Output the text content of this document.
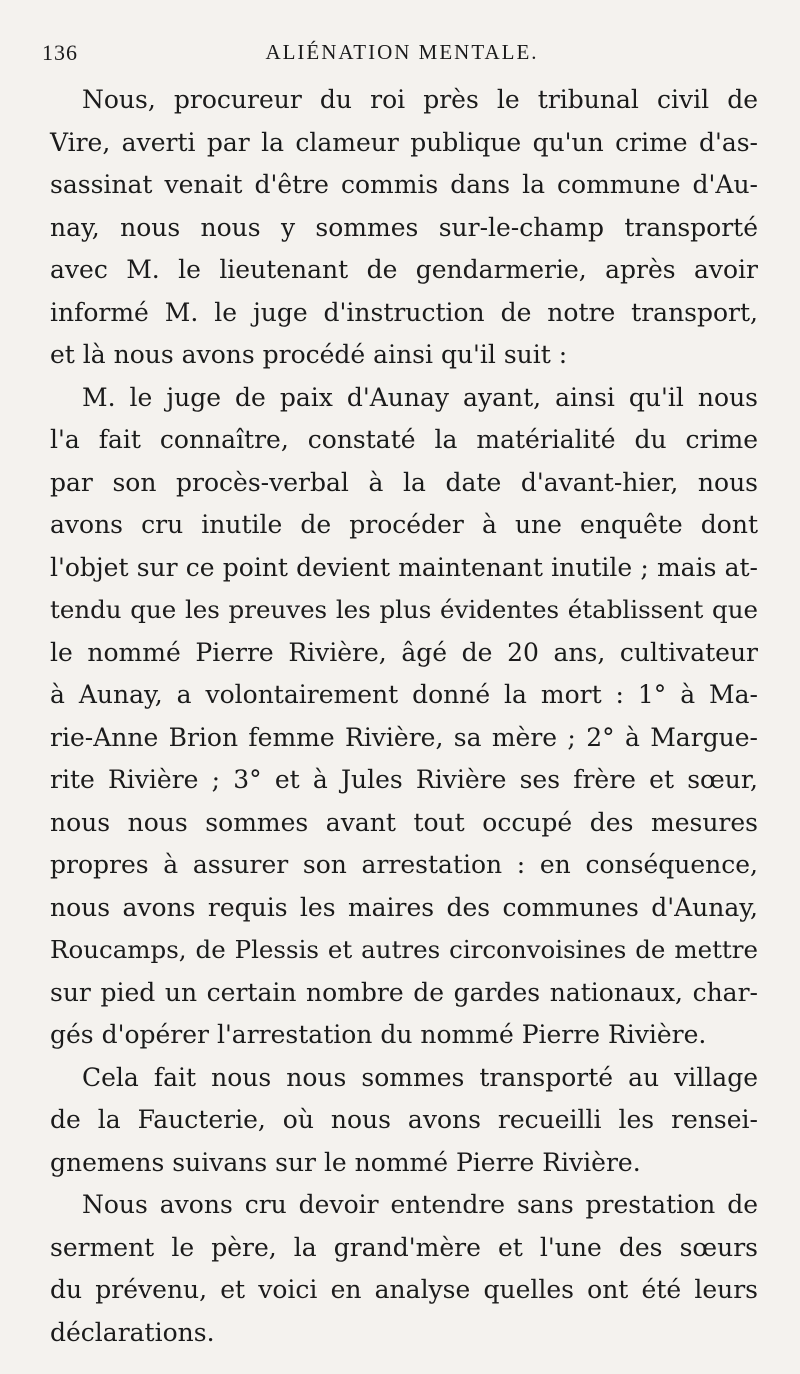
136	ALIÉNATION MENTALE.
Nous, procureur du roi près le tribunal civil de
Vire, averti par la clameur publique qu'un crime d'as-
sassinat venait d'être commis dans la commune d'Au-
nay, nous nous y sommes sur-le-champ transporté
avec M. le lieutenant de gendarmerie, après avoir
informé M. le juge d'instruction de notre transport,
et là nous avons procédé ainsi qu'il suit :
M. le juge de paix d'Aunay ayant, ainsi qu'il nous
l'a fait connaître, constaté la matérialité du crime
par son procès-verbal à la date d'avant-hier, nous
avons cru inutile de procéder à une enquête dont
l'objet sur ce point devient maintenant inutile ; mais at-
tendu que les preuves les plus évidentes établissent que
le nommé Pierre Rivière, âgé de 20 ans, cultivateur
à Aunay, a volontairement donné la mort : 1° à Ma-
rie-Anne Brion femme Rivière, sa mère ; 2° à Margue-
rite Rivière ; 3° et à Jules Rivière ses frère et sœur,
nous nous sommes avant tout occupé des mesures
propres à assurer son arrestation : en conséquence,
nous avons requis les maires des communes d'Aunay,
Roucamps, de Plessis et autres circonvoisines de mettre
sur pied un certain nombre de gardes nationaux, char-
gés d'opérer l'arrestation du nommé Pierre Rivière.
Cela fait nous nous sommes transporté au village
de la Faucterie, où nous avons recueilli les rensei-
gnemens suivans sur le nommé Pierre Rivière.
Nous avons cru devoir entendre sans prestation de
serment le père, la grand'mère et l'une des sœurs
du prévenu, et voici en analyse quelles ont été leurs
déclarations.
